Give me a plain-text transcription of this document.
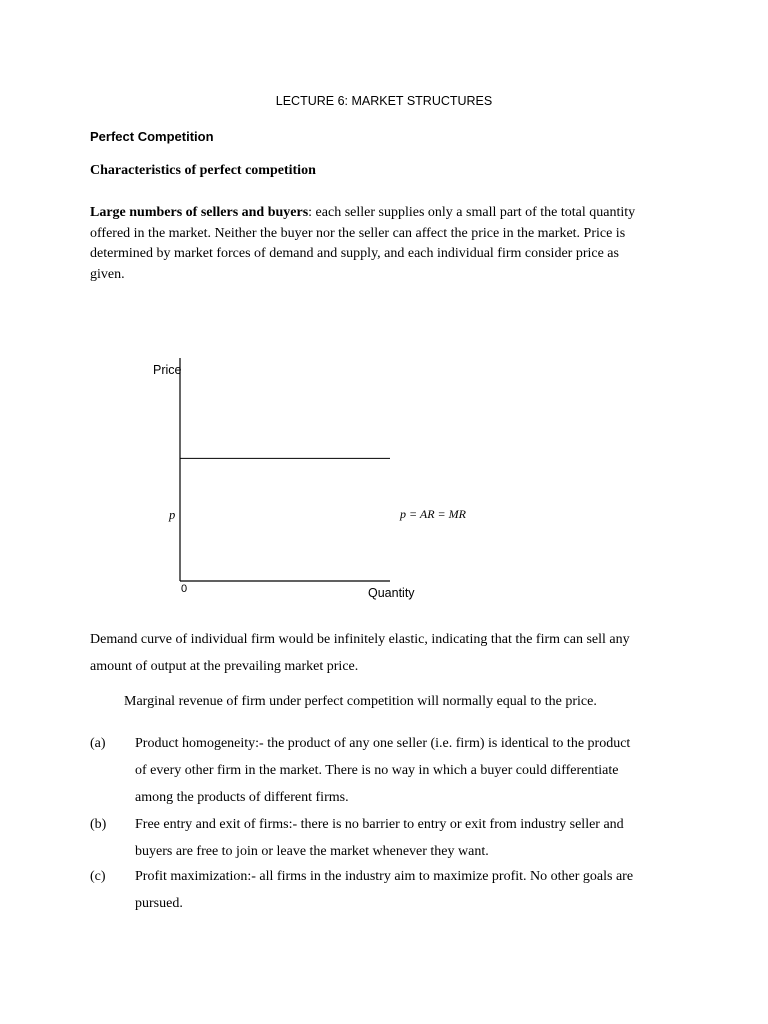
LECTURE 6: MARKET STRUCTURES
Perfect Competition
Characteristics of perfect competition
Large numbers of sellers and buyers: each seller supplies only a small part of the total quantity
offered in the market. Neither the buyer nor the seller can affect the price in the market. Price is
determined by market forces of demand and supply, and each individual firm consider price as
given.
Price
Quantity
0
p	p = AR = MR
Demand curve of individual firm would be infinitely elastic, indicating that the firm can sell any
amount of output at the prevailing market price.
Marginal revenue of firm under perfect competition will normally equal to the price.
(a) Product homogeneity:- the product of any one seller (i.e. firm) is identical to the product
of every other firm in the market. There is no way in which a buyer could differentiate
among the products of different firms.
(b) Free entry and exit of firms:- there is no barrier to entry or exit from industry seller and
buyers are free to join or leave the market whenever they want.
(c) Profit maximization:- all firms in the industry aim to maximize profit. No other goals are
pursued.
